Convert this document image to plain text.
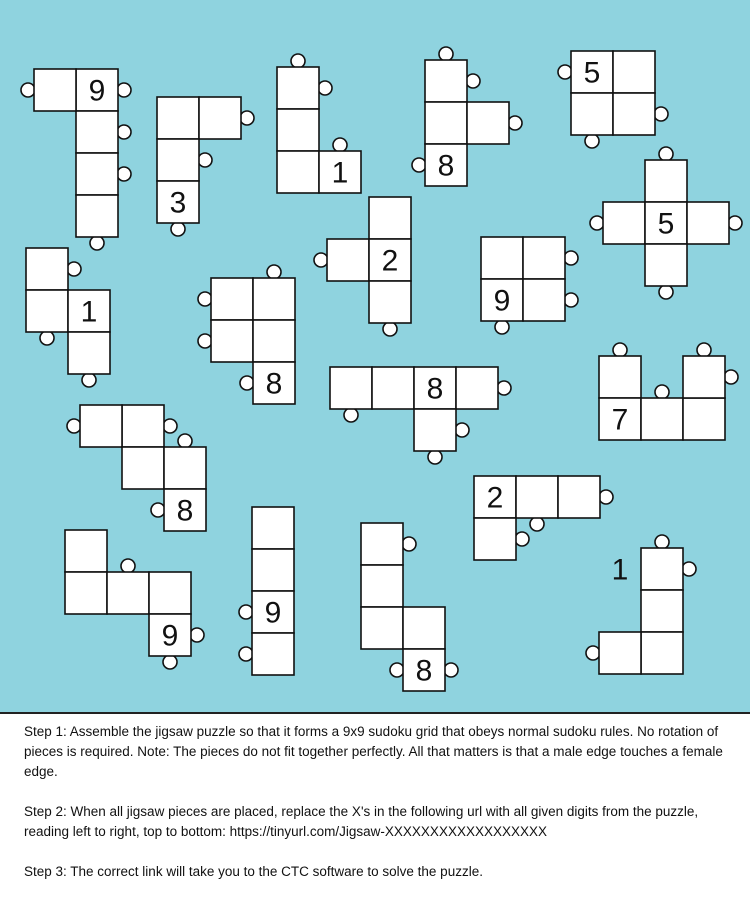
9
3
1	8
5
5
2
9
1
8	8
7
8	2
1
9
9
8

Step 1: Assemble the jigsaw puzzle so that it forms a 9x9 sudoku grid that obeys normal sudoku rules. No rotation of pieces is required. Note: The pieces do not fit together perfectly. All that matters is that a male edge touches a female edge.

Step 2: When all jigsaw pieces are placed, replace the X's in the following url with all given digits from the puzzle, reading left to right, top to bottom: https://tinyurl.com/Jigsaw-XXXXXXXXXXXXXXXXXX

Step 3: The correct link will take you to the CTC software to solve the puzzle.
